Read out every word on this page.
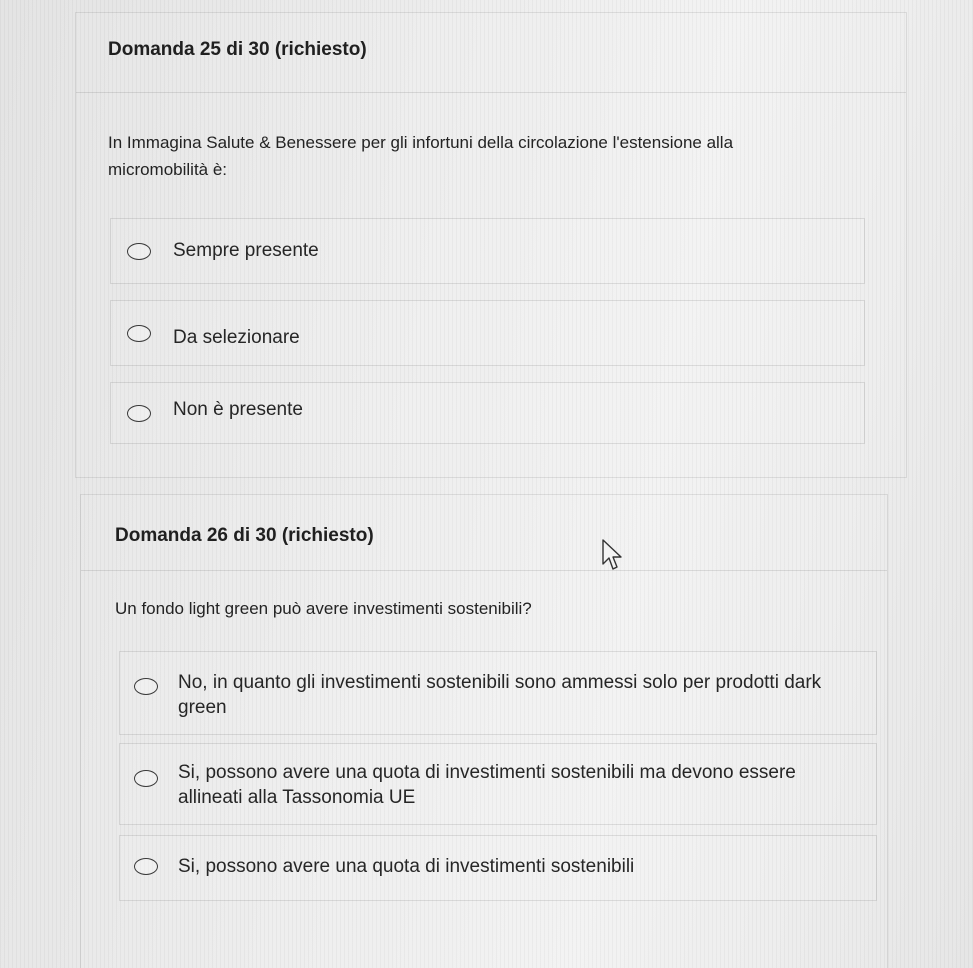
Domanda 25 di 30 (richiesto)
In Immagina Salute & Benessere per gli infortuni della circolazione l'estensione alla micromobilità è:
Sempre presente
Da selezionare
Non è presente
Domanda 26 di 30 (richiesto)
Un fondo light green può avere investimenti sostenibili?
No, in quanto gli investimenti sostenibili sono ammessi solo per prodotti dark green
Si, possono avere una quota di investimenti sostenibili ma devono essere allineati alla Tassonomia UE
Si, possono avere una quota di investimenti sostenibili
